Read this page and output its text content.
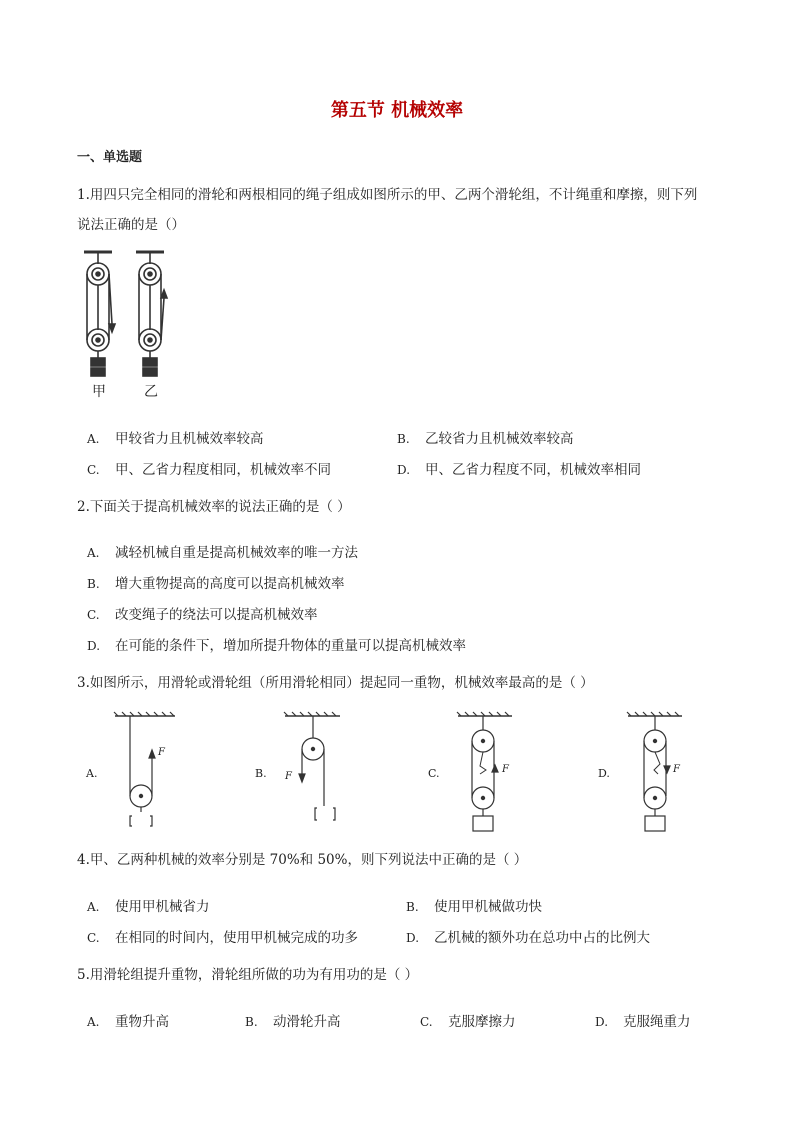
第五节 机械效率
一、单选题
1.用四只完全相同的滑轮和两根相同的绳子组成如图所示的甲、乙两个滑轮组，不计绳重和摩擦，则下列
说法正确的是（）
甲	乙
A. 甲较省力且机械效率较高	B. 乙较省力且机械效率较高
C. 甲、乙省力程度相同，机械效率不同	D. 甲、乙省力程度不同，机械效率相同
2.下面关于提高机械效率的说法正确的是（ ）
A. 减轻机械自重是提高机械效率的唯一方法
B. 增大重物提高的高度可以提高机械效率
C. 改变绳子的绕法可以提高机械效率
D. 在可能的条件下，增加所提升物体的重量可以提高机械效率
3.如图所示，用滑轮或滑轮组（所用滑轮相同）提起同一重物，机械效率最高的是（ ）
A.	B.	C.	D.
F
F
F	F
4.甲、乙两种机械的效率分别是 70%和 50%，则下列说法中正确的是（ ）
A. 使用甲机械省力	B. 使用甲机械做功快
C. 在相同的时间内，使用甲机械完成的功多	D. 乙机械的额外功在总功中占的比例大
5.用滑轮组提升重物，滑轮组所做的功为有用功的是（ ）
A. 重物升高	B. 动滑轮升高	C. 克服摩擦力	D. 克服绳重力
